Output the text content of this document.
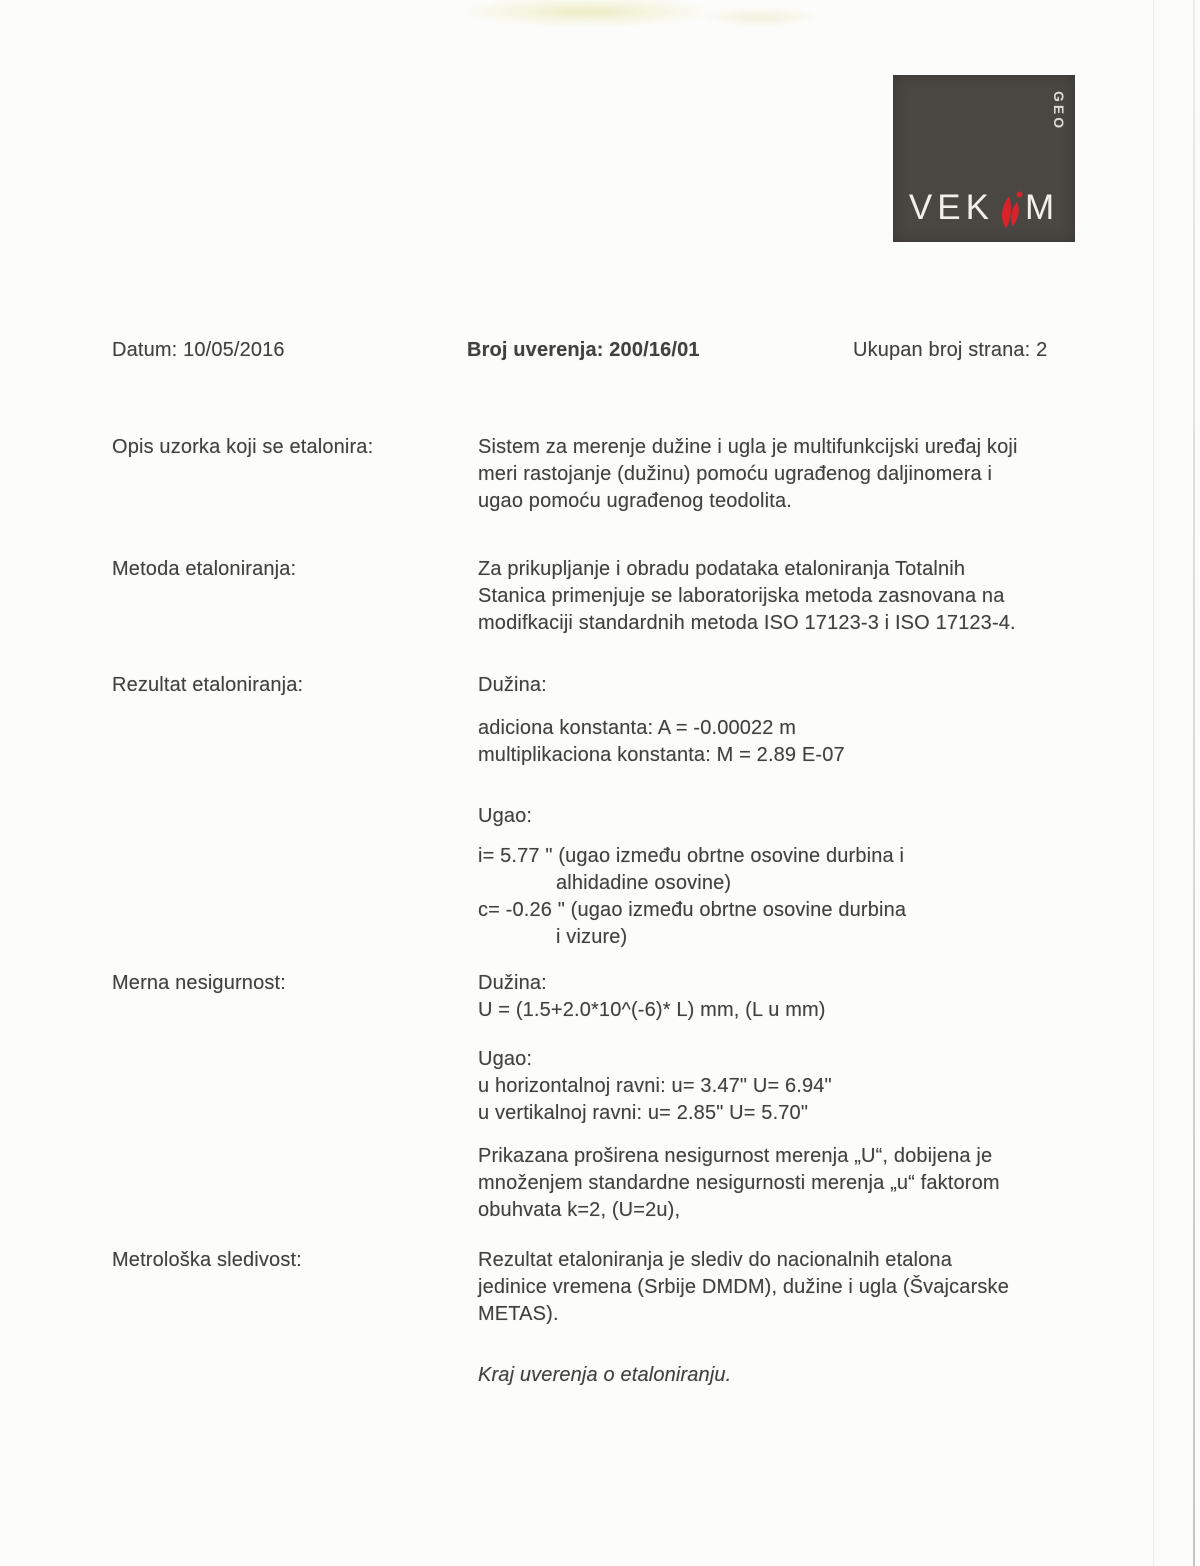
GEO
VEK M
Datum: 10/05/2016	Broj uverenja: 200/16/01	Ukupan broj strana: 2
Opis uzorka koji se etalonira:	Sistem za merenje dužine i ugla je multifunkcijski uređaj koji
meri rastojanje (dužinu) pomoću ugrađenog daljinomera i
ugao pomoću ugrađenog teodolita.
Metoda etaloniranja:	Za prikupljanje i obradu podataka etaloniranja Totalnih
Stanica primenjuje se laboratorijska metoda zasnovana na
modifkaciji standardnih metoda ISO 17123-3 i ISO 17123-4.
Rezultat etaloniranja:	Dužina:
adiciona konstanta: A = -0.00022 m
multiplikaciona konstanta: M = 2.89 E-07
Ugao:
i= 5.77 " (ugao između obrtne osovine durbina i
alhidadine osovine)
c= -0.26 " (ugao između obrtne osovine durbina
i vizure)
Merna nesigurnost:	Dužina:
U = (1.5+2.0*10^(-6)* L) mm, (L u mm)
Ugao:
u horizontalnoj ravni: u= 3.47" U= 6.94"
u vertikalnoj ravni: u= 2.85" U= 5.70"
Prikazana proširena nesigurnost merenja „U“, dobijena je
množenjem standardne nesigurnosti merenja „u“ faktorom
obuhvata k=2, (U=2u),
Metrološka sledivost:	Rezultat etaloniranja je slediv do nacionalnih etalona
jedinice vremena (Srbije DMDM), dužine i ugla (Švajcarske
METAS).
Kraj uverenja o etaloniranju.
